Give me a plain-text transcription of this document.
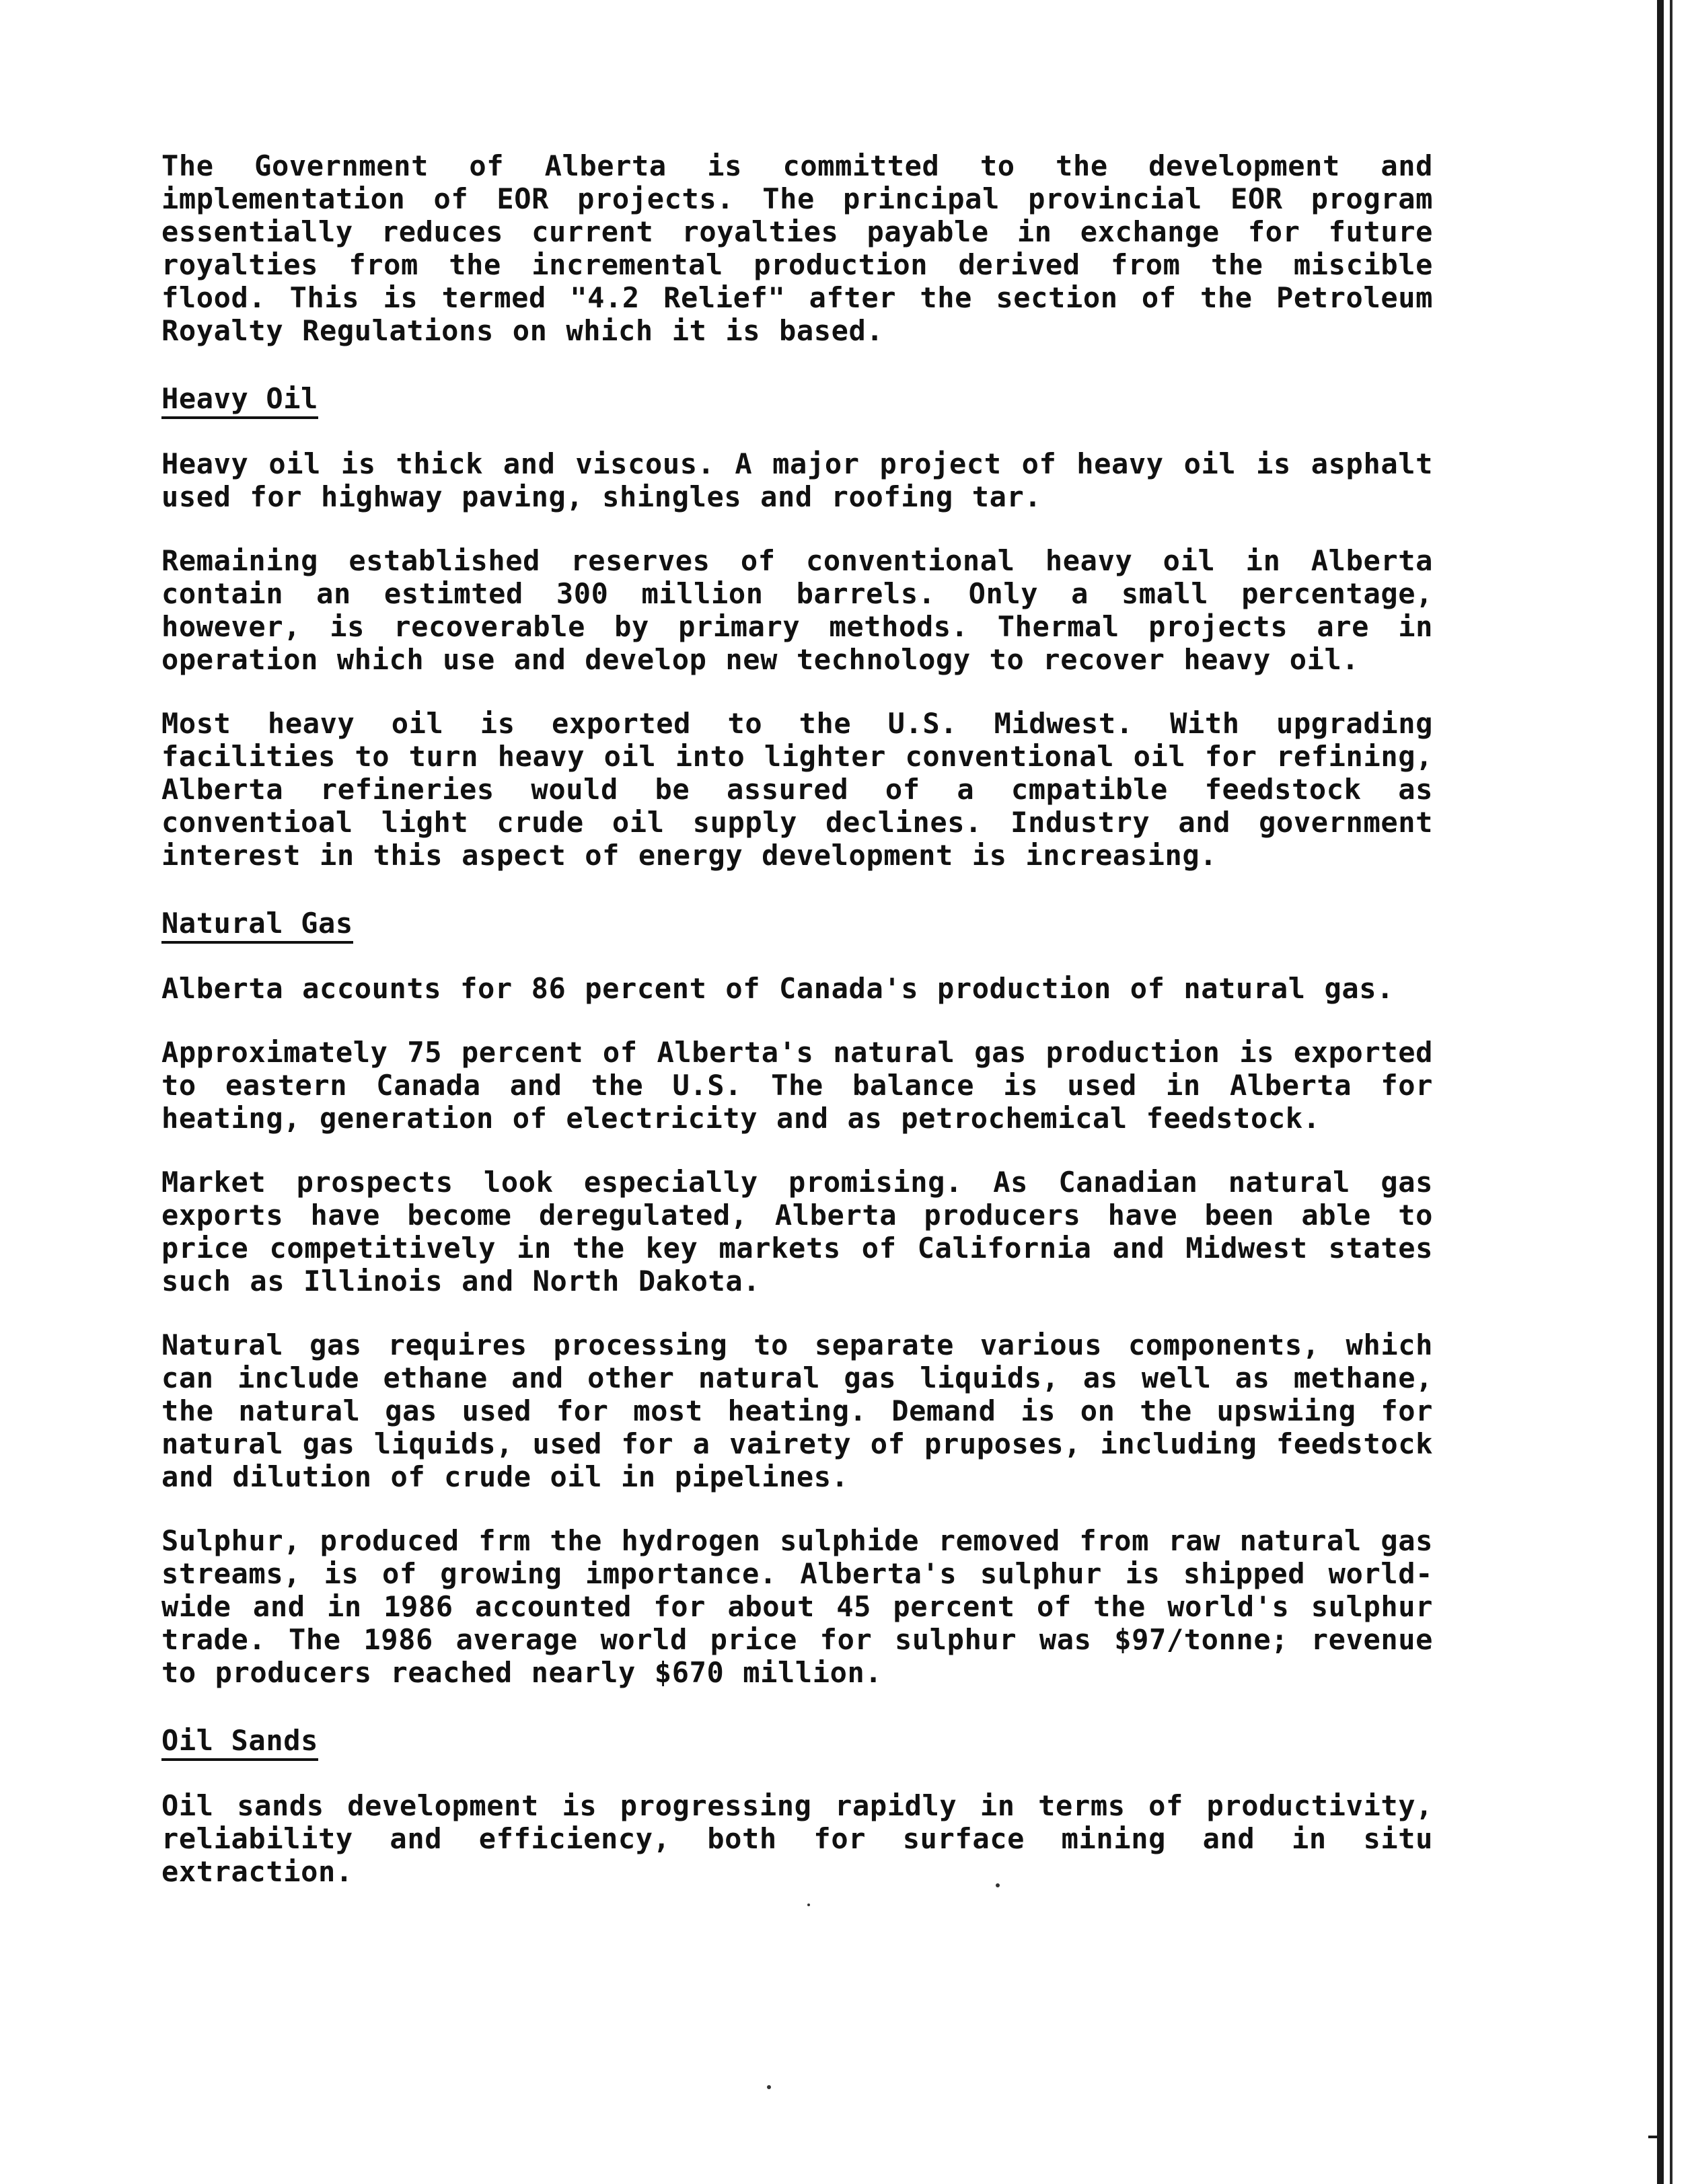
The Government of Alberta is committed to the development and implementation of EOR projects. The principal provincial EOR program essentially reduces current royalties payable in exchange for future royalties from the incremental production derived from the miscible flood. This is termed "4.2 Relief" after the section of the Petroleum Royalty Regulations on which it is based.

Heavy Oil

Heavy oil is thick and viscous. A major project of heavy oil is asphalt used for highway paving, shingles and roofing tar.

Remaining established reserves of conventional heavy oil in Alberta contain an estimted 300 million barrels. Only a small percentage, however, is recoverable by primary methods. Thermal projects are in operation which use and develop new technology to recover heavy oil.

Most heavy oil is exported to the U.S. Midwest. With upgrading facilities to turn heavy oil into lighter conventional oil for refining, Alberta refineries would be assured of a cmpatible feedstock as conventioal light crude oil supply declines. Industry and government interest in this aspect of energy development is increasing.

Natural Gas

Alberta accounts for 86 percent of Canada's production of natural gas.

Approximately 75 percent of Alberta's natural gas production is exported to eastern Canada and the U.S. The balance is used in Alberta for heating, generation of electricity and as petrochemical feedstock.

Market prospects look especially promising. As Canadian natural gas exports have become deregulated, Alberta producers have been able to price competitively in the key markets of California and Midwest states such as Illinois and North Dakota.

Natural gas requires processing to separate various components, which can include ethane and other natural gas liquids, as well as methane, the natural gas used for most heating. Demand is on the upswiing for natural gas liquids, used for a vairety of pruposes, including feedstock and dilution of crude oil in pipelines.

Sulphur, produced frm the hydrogen sulphide removed from raw natural gas streams, is of growing importance. Alberta's sulphur is shipped world-wide and in 1986 accounted for about 45 percent of the world's sulphur trade. The 1986 average world price for sulphur was $97/tonne; revenue to producers reached nearly $670 million.

Oil Sands

Oil sands development is progressing rapidly in terms of productivity, reliability and efficiency, both for surface mining and in situ extraction.
